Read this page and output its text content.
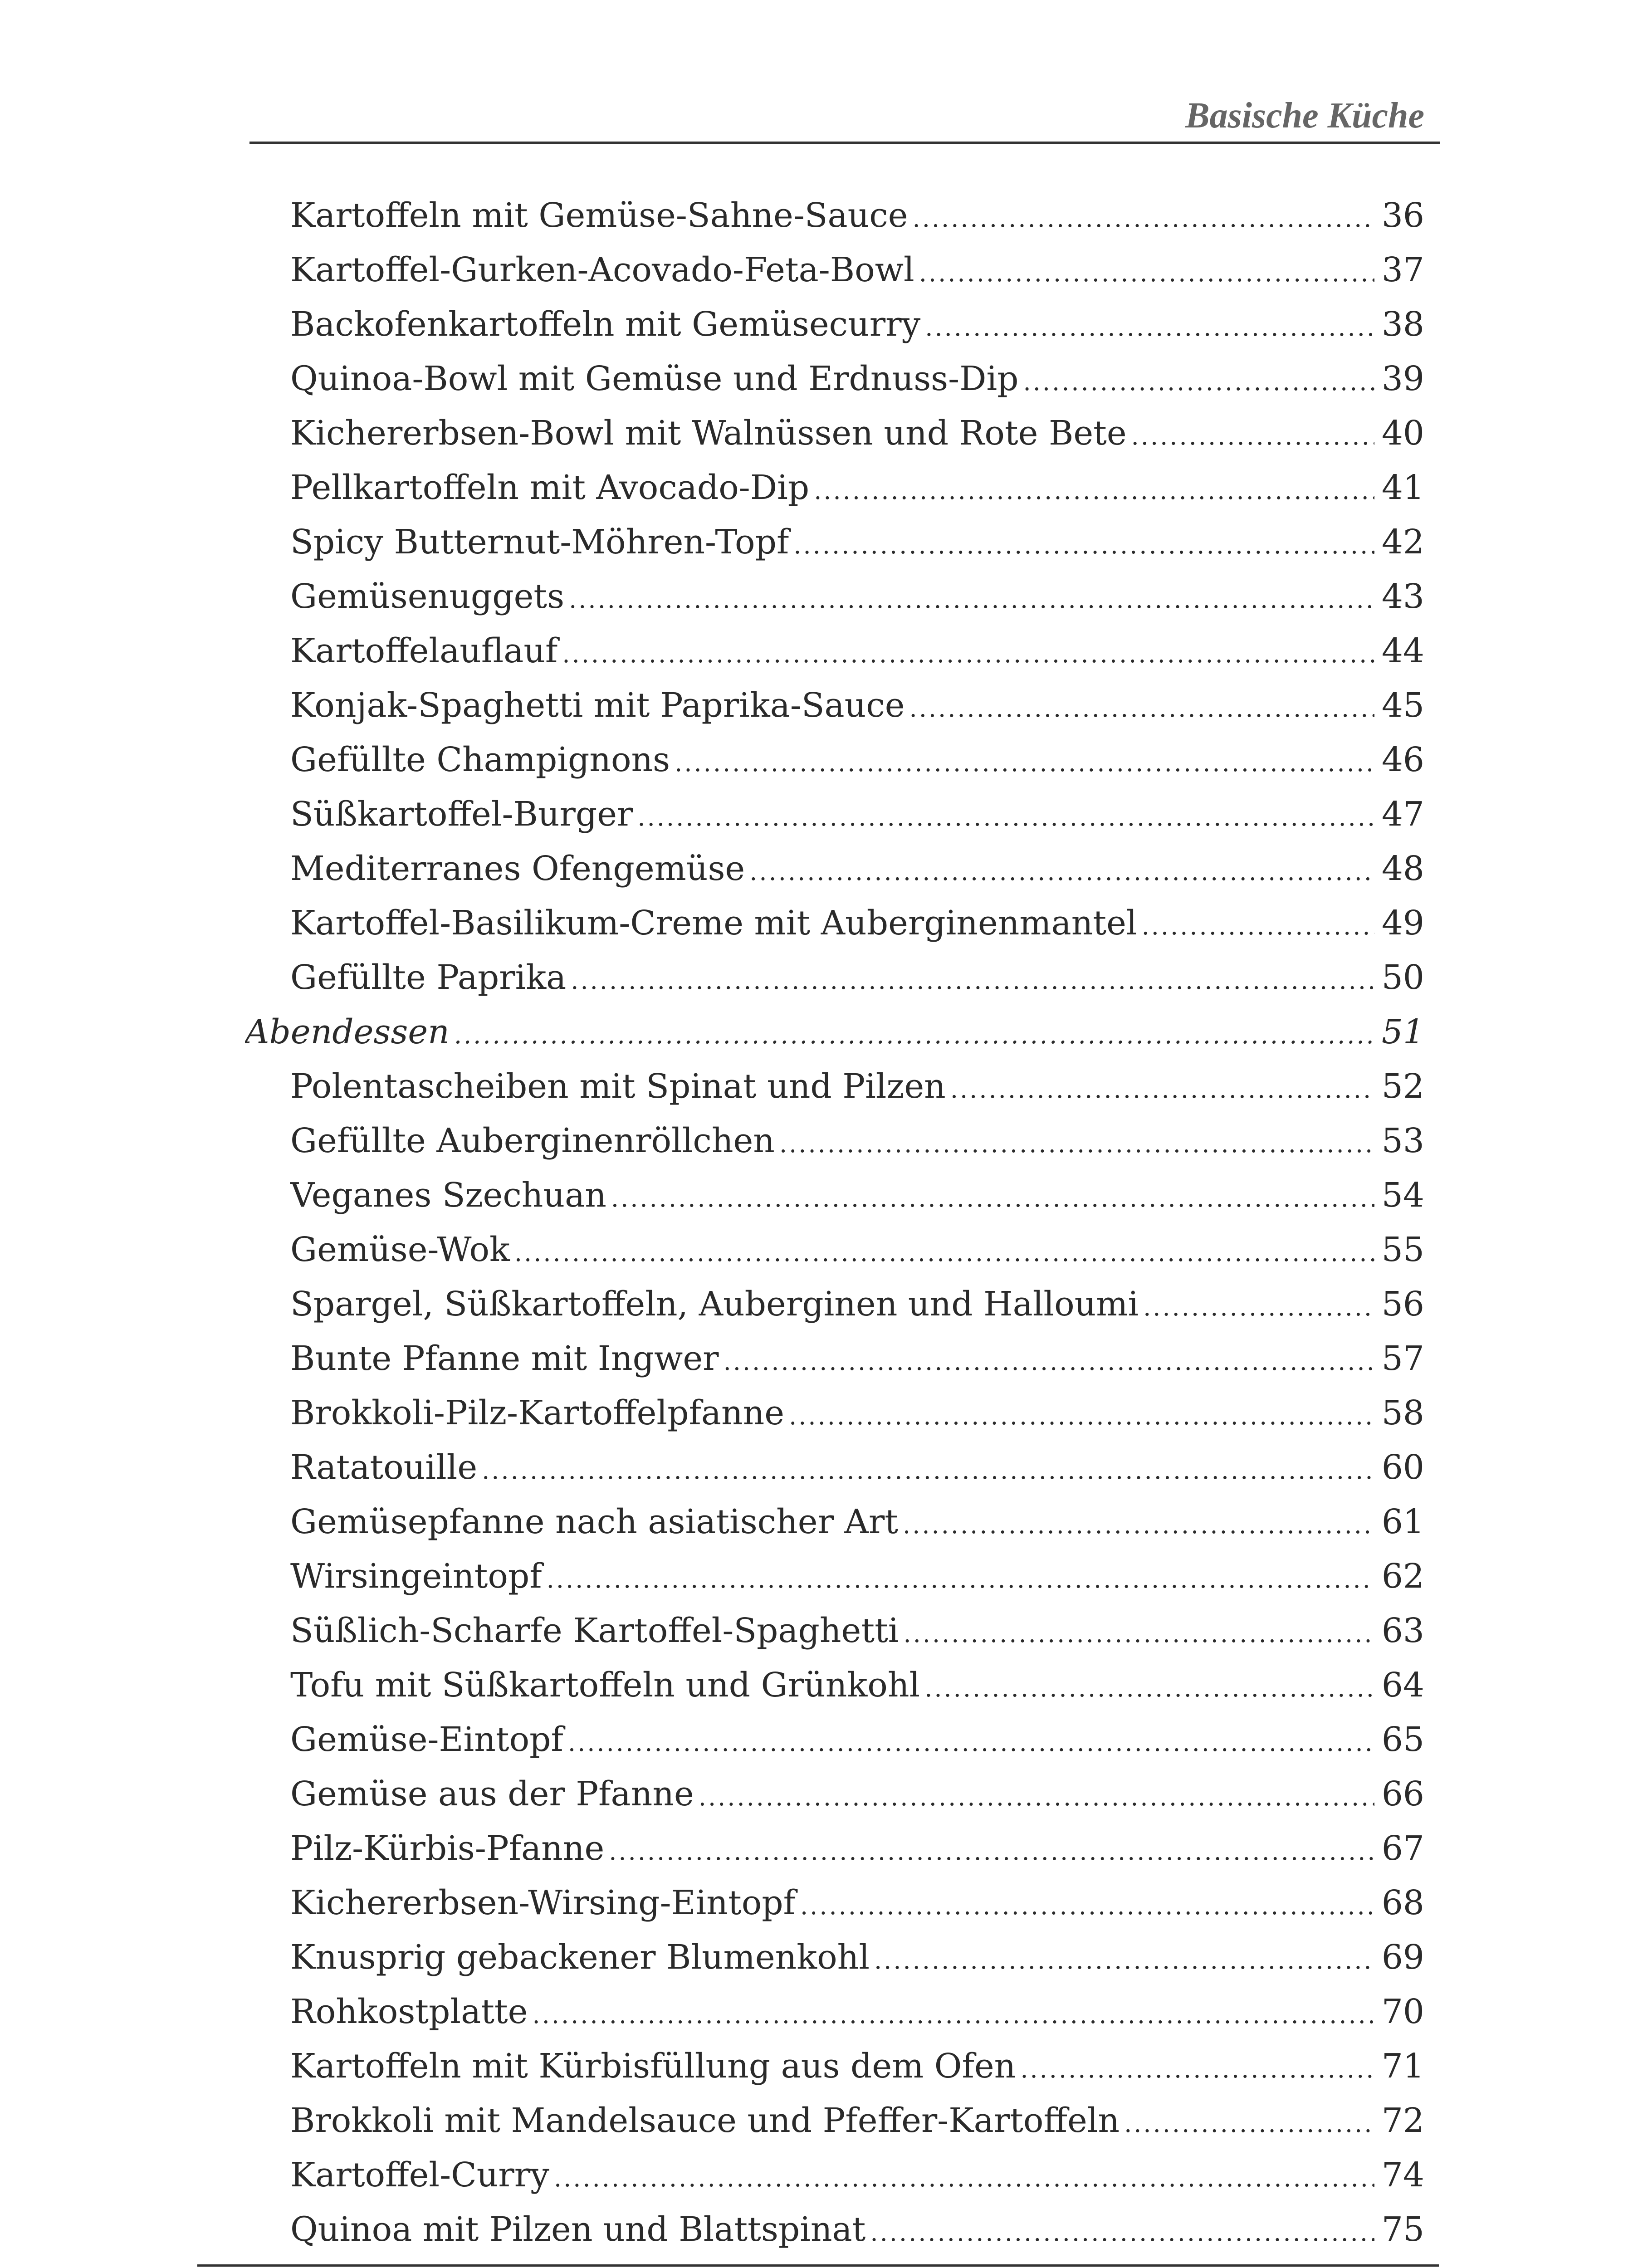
Basische Küche
Kartoffeln mit Gemüse-Sahne-Sauce .....	36
Kartoffel-Gurken-Acovado-Feta-Bowl .....	37
Backofenkartoffeln mit Gemüsecurry .....	38
Quinoa-Bowl mit Gemüse und Erdnuss-Dip .....	39
Kichererbsen-Bowl mit Walnüssen und Rote Bete .....	40
Pellkartoffeln mit Avocado-Dip .....	41
Spicy Butternut-Möhren-Topf .....	42
Gemüsenuggets .....	43
Kartoffelauflauf .....	44
Konjak-Spaghetti mit Paprika-Sauce .....	45
Gefüllte Champignons .....	46
Süßkartoffel-Burger .....	47
Mediterranes Ofengemüse .....	48
Kartoffel-Basilikum-Creme mit Auberginenmantel .....	49
Gefüllte Paprika .....	50
Abendessen .....	51
Polentascheiben mit Spinat und Pilzen .....	52
Gefüllte Auberginenröllchen .....	53
Veganes Szechuan .....	54
Gemüse-Wok .....	55
Spargel, Süßkartoffeln, Auberginen und Halloumi .....	56
Bunte Pfanne mit Ingwer .....	57
Brokkoli-Pilz-Kartoffelpfanne .....	58
Ratatouille .....	60
Gemüsepfanne nach asiatischer Art .....	61
Wirsingeintopf .....	62
Süßlich-Scharfe Kartoffel-Spaghetti .....	63
Tofu mit Süßkartoffeln und Grünkohl .....	64
Gemüse-Eintopf .....	65
Gemüse aus der Pfanne .....	66
Pilz-Kürbis-Pfanne .....	67
Kichererbsen-Wirsing-Eintopf .....	68
Knusprig gebackener Blumenkohl .....	69
Rohkostplatte .....	70
Kartoffeln mit Kürbisfüllung aus dem Ofen .....	71
Brokkoli mit Mandelsauce und Pfeffer-Kartoffeln .....	72
Kartoffel-Curry .....	74
Quinoa mit Pilzen und Blattspinat .....	75
